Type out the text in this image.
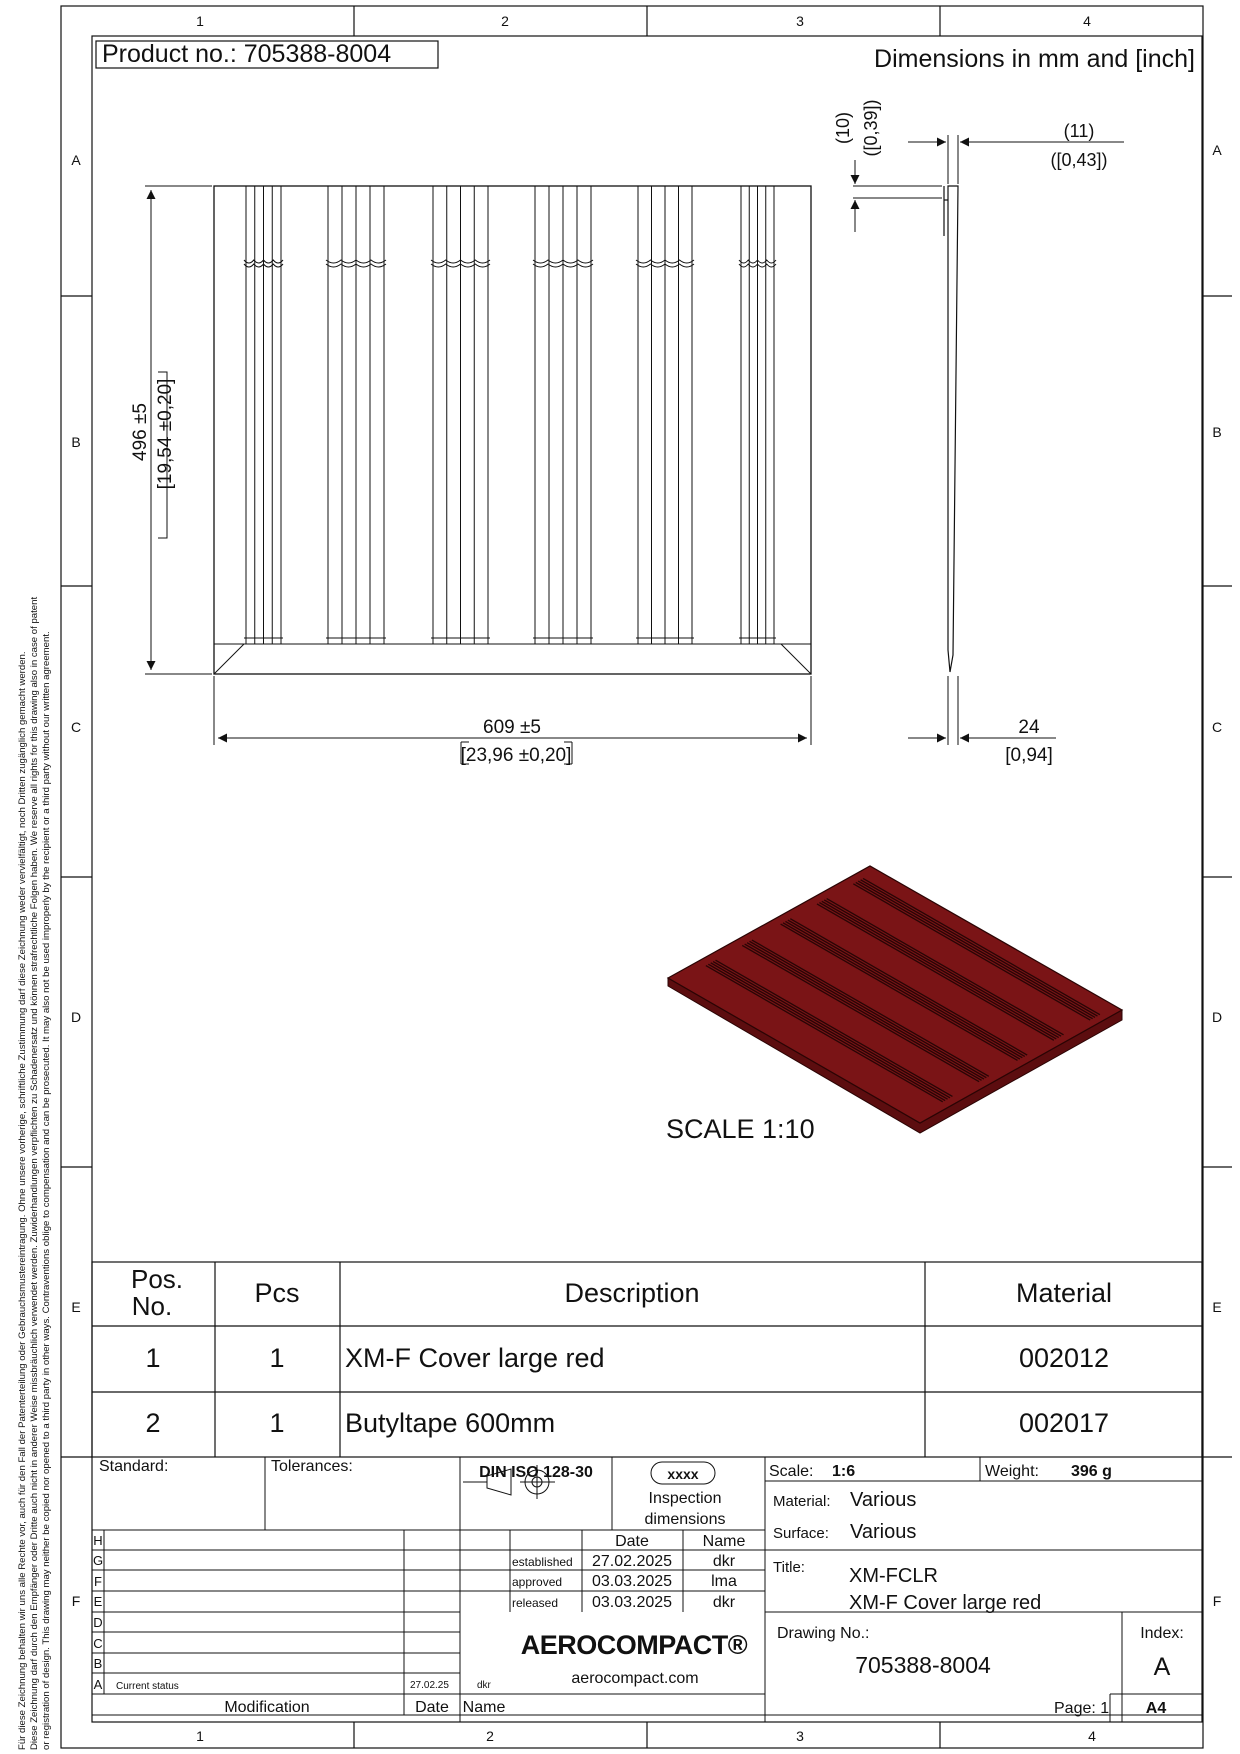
1	2	3	4
1	2	3	4
A
B
C
D
E
F
A
B
C
D
E
F
Für diese Zeichnung behalten wir uns alle Rechte vor, auch für den Fall der Patenterteilung oder Gebrauchsmustereintragung. Ohne unsere vorherige, schriftliche Zustimmung darf diese Zeichnung weder vervielfältigt, noch Dritten zugänglich gemacht werden. Diese Zeichnung darf durch den Empfänger oder Dritte auch nicht in anderer Weise missbräuchlich verwendet werden. Zuwiderhandlungen verpflichten zu Schadenersatz und können strafrechtliche Folgen haben. We reserve all rights for this drawing also in case of patent or registration of design. This drawing may neither be copied nor opened to a third party in other ways. Contraventions oblige to compensation and can be prosecuted. It may also not be used improperly by the recipient or a third party without our written agreement.
Product no.: 705388-8004	Dimensions in mm and [inch]
496 ±5 [19,54 ±0,20]
609 ±5
[23,96 ±0,20]
(10) ([0,39])	(11)
([0,43])
24
[0,94]
SCALE 1:10
Pos.
No.	Pcs	Description	Material
1	1 XM-F Cover large red	002012
2	1 Butyltape 600mm	002017
Standard:	Tolerances:	DIN ISO 128-30	xxxx
Inspection
dimensions
Scale: 1:6	Weight: 396 g
Material: Various
Surface: Various
Title: XM-FCLR
XM-F Cover large red
Date	Name
established 27.02.2025	dkr
approved 03.03.2025 lma
released 03.03.2025	dkr
H
G
F
E
D
C
B
A Current status	27.02.25	dkr
Modification	Date Name
AEROCOMPACT®
aerocompact.com
Drawing No.:
705388-8004
Index:
A
Page: 1 A4
